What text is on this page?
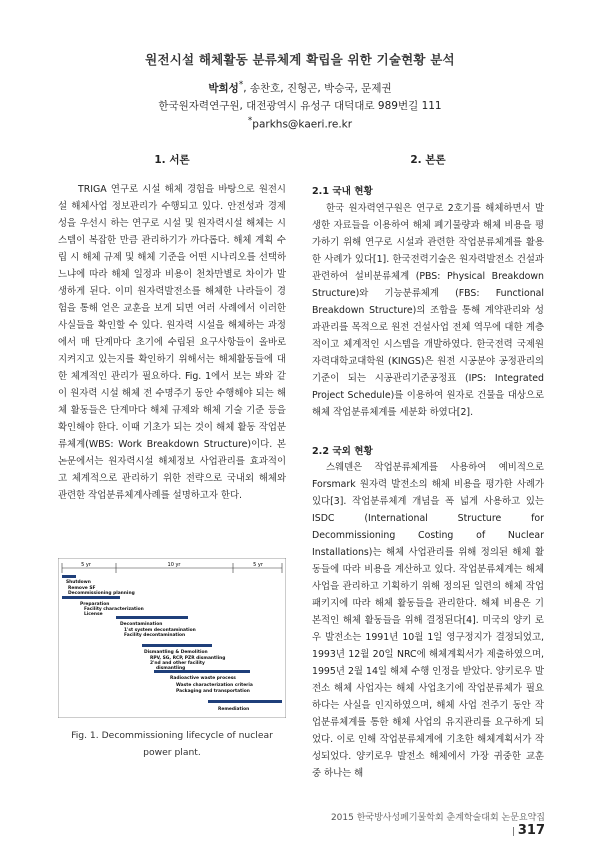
원전시설 해체활동 분류체계 확립을 위한 기술현황 분석
박희성*, 송찬호, 진형곤, 박승국, 문제권
한국원자력연구원, 대전광역시 유성구 대덕대로 989번길 111
*parkhs@kaeri.re.kr
1. 서론

TRIGA 연구로 시설 해체 경험을 바탕으로 원전시설 해체사업 정보관리가 수행되고 있다. 안전성과 경제성을 우선시 하는 연구로 시설 및 원자력시설 해체는 시스템이 복잡한 만큼 관리하기가 까다롭다. 해체 계획 수립 시 해체 규제 및 해체 기준을 어떤 시나리오를 선택하느냐에 따라 해체 일정과 비용이 천차만별로 차이가 발생하게 된다. 이미 원자력발전소를 해체한 나라들이 경험을 통해 얻은 교훈을 보게 되면 여러 사례에서 이러한 사실들을 확인할 수 있다. 원자력 시설을 해체하는 과정에서 매 단계마다 초기에 수립된 요구사항들이 올바로 지켜지고 있는지를 확인하기 위해서는 해체활동들에 대한 체계적인 관리가 필요하다. Fig. 1에서 보는 봐와 같이 원자력 시설 해체 전 수명주기 동안 수행해야 되는 해체 활동들은 단계마다 해체 규제와 해체 기술 기준 등을 확인해야 한다. 이때 기초가 되는 것이 해체 활동 작업분류체계(WBS: Work Breakdown Structure)이다. 본 논문에서는 원자력시설 해체정보 사업관리를 효과적이고 체계적으로 관리하기 위한 전략으로 국내외 해체와 관련한 작업분류체계사례를 설명하고자 한다.

5 yr	10 yr	5 yr
Shutdown
Remove SF
Decommissioning planning
Preparation
Facility characterization
License
Decontamination
1'st system decontamination
Facility decontamination
Dismantling & Demolition
RPV, SG, RCP, PZR dismantling
2'nd and other facility
dismantling
Radioactive waste process
Waste characterization criteria
Packaging and transportation
Remediation
Fig. 1. Decommissioning lifecycle of nuclear power plant.
2. 본론
2.1 국내 현황

한국 원자력연구원은 연구로 2호기를 해체하면서 발생한 자료들을 이용하여 해체 폐기물량과 해체 비용을 평가하기 위해 연구로 시설과 관련한 작업분류체계를 활용한 사례가 있다[1]. 한국전력기술은 원자력발전소 건설과 관련하여 설비분류체계 (PBS: Physical Breakdown Structure)와 기능분류체계 (FBS: Functional Breakdown Structure)의 조합을 통해 계약관리와 성과관리를 목적으로 원전 건설사업 전체 역무에 대한 계층적이고 체계적인 시스템을 개발하였다. 한국전력 국제원자력대학교대학원 (KINGS)은 원전 시공분야 공정관리의 기준이 되는 시공관리기준공정표 (IPS: Integrated Project Schedule)를 이용하여 원자로 건물을 대상으로 해체 작업분류체계를 세분화 하였다[2].

2.2 국외 현황

스웨덴은 작업분류체계를 사용하여 예비적으로 Forsmark 원자력 발전소의 해체 비용을 평가한 사례가 있다[3]. 작업분류체계 개념을 폭 넓게 사용하고 있는 ISDC (International Structure for Decommissioning Costing of Nuclear Installations)는 해체 사업관리를 위해 정의된 해체 활동들에 따라 비용을 계산하고 있다. 작업분류체계는 해체사업을 관리하고 기획하기 위해 정의된 일련의 해체 작업 패키지에 따라 해체 활동들을 관리한다. 해체 비용은 기본적인 해체 활동들을 위해 결정된다[4]. 미국의 양키 로우 발전소는 1991년 10월 1일 영구정지가 결정되었고, 1993년 12월 20일 NRC에 해체계획서가 제출하였으며, 1995년 2월 14일 해체 수행 인정을 받았다. 양키로우 발전소 해체 사업자는 해체 사업초기에 작업분류체가 필요하다는 사실을 인지하였으며, 해체 사업 전주기 동안 작업분류체계를 통한 해체 사업의 유지관리를 요구하게 되었다. 이로 인해 작업분류체계에 기초한 해체계획서가 작성되었다. 양키로우 발전소 해체에서 가장 귀중한 교훈 중 하나는 해

2015 한국방사성폐기물학회 춘계학술대회 논문요약집 | 317
